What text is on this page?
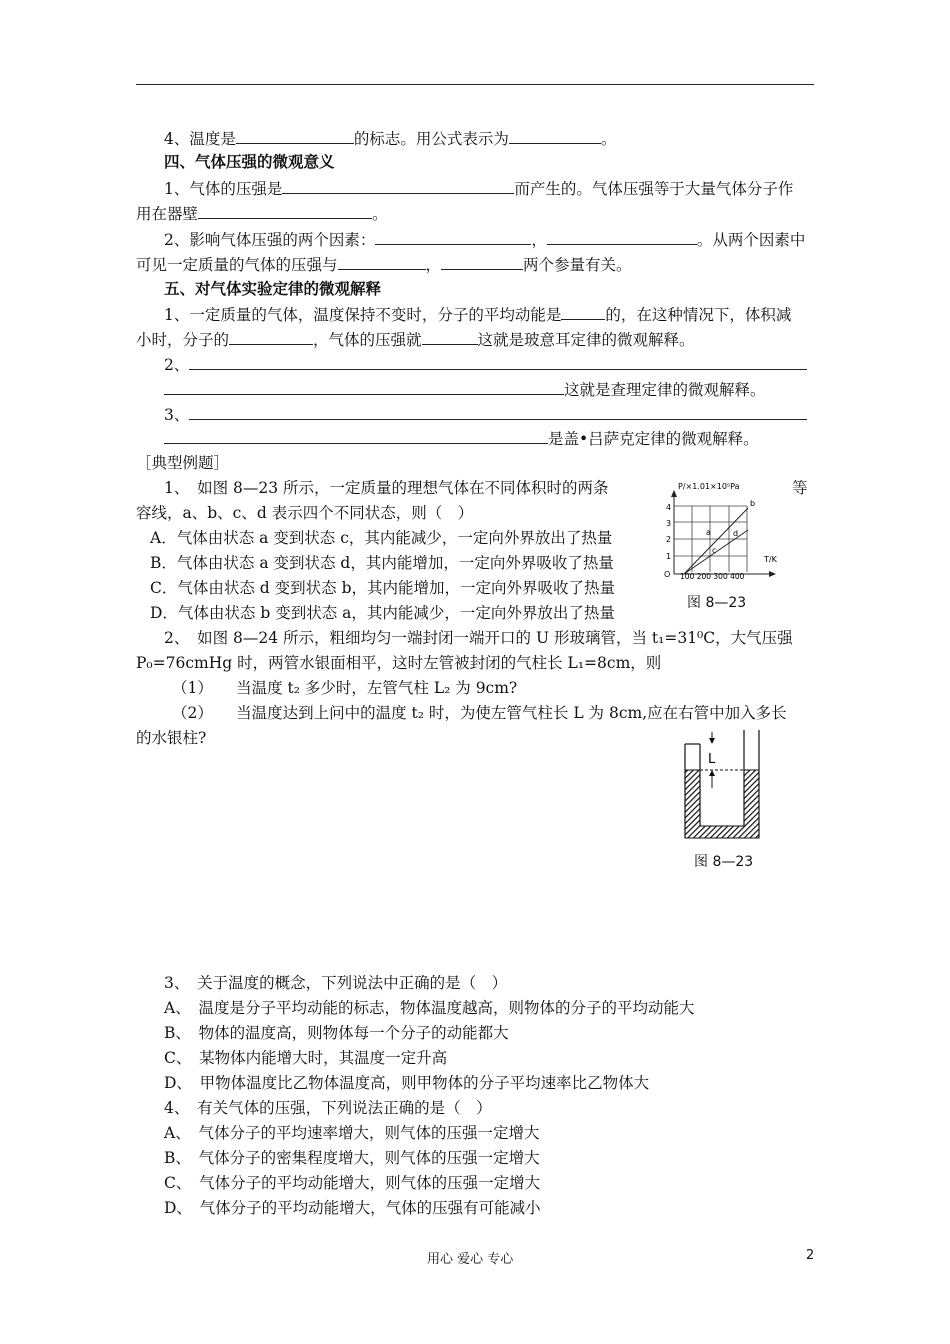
4、温度是	的标志。用公式表示为	。
四、气体压强的微观意义
1、气体的压强是	而产生的。气体压强等于大量气体分子作
用在器壁	。
2、影响气体压强的两个因素：	，	。从两个因素中
可见一定质量的气体的压强与	，	两个参量有关。
五、对气体实验定律的微观解释
1、一定质量的气体，温度保持不变时，分子的平均动能是	的，在这种情况下，体积减
小时，分子的	，气体的压强就	这就是玻意耳定律的微观解释。
2、
这就是查理定律的微观解释。
3、
是盖•吕萨克定律的微观解释。
［典型例题］
1、　如图 8—23 所示，一定质量的理想气体在不同体积时的两条	等
容线，a、b、c、d 表示四个不同状态，则（　）
A．气体由状态 a 变到状态 c，其内能减少，一定向外界放出了热量
B．气体由状态 a 变到状态 d，其内能增加，一定向外界吸收了热量
C．气体由状态 d 变到状态 b，其内能增加，一定向外界吸收了热量
D．气体由状态 b 变到状态 a，其内能减少，一定向外界放出了热量
P/×1.01×10⁵Pa
4
3
2
1
O 100 200 300 400
T/K
a
b
c
d
图 8—23
2、　如图 8—24 所示，粗细均匀一端封闭一端开口的 U 形玻璃管，当 t₁=31⁰C，大气压强
P₀=76cmHg 时，两管水银面相平，这时左管被封闭的气柱长 L₁=8cm，则
（1）　　当温度 t₂ 多少时，左管气柱 L₂ 为 9cm?
（2）　　当温度达到上问中的温度 t₂ 时，为使左管气柱长 L 为 8cm,应在右管中加入多长
的水银柱?
L
图 8—23
3、　关于温度的概念，下列说法中正确的是（　）
A、　温度是分子平均动能的标志，物体温度越高，则物体的分子的平均动能大
B、　物体的温度高，则物体每一个分子的动能都大
C、　某物体内能增大时，其温度一定升高
D、　甲物体温度比乙物体温度高，则甲物体的分子平均速率比乙物体大
4、　有关气体的压强，下列说法正确的是（　）
A、　气体分子的平均速率增大，则气体的压强一定增大
B、　气体分子的密集程度增大，则气体的压强一定增大
C、　气体分子的平均动能增大，则气体的压强一定增大
D、　气体分子的平均动能增大，气体的压强有可能减小
用心 爱心 专心	2
